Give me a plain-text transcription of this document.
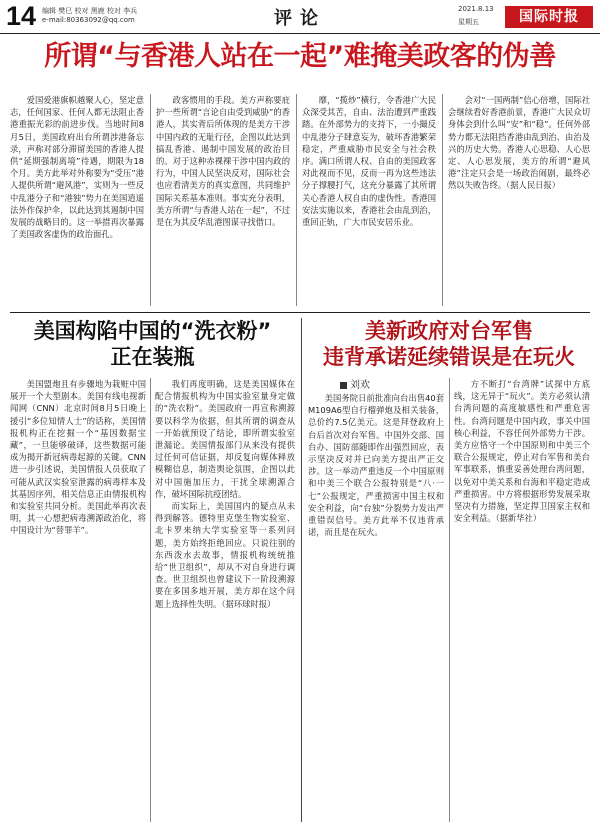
14 编辑 樊巳 校对 黑鹿 校对 李兵
e-mail:80363092@qq.com	评论	2021.8.13
星期五	国际时报
所谓“与香港人站在一起”难掩美政客的伪善

爱国爱港旗帜越聚人心，坚定意志，任何国家、任何人都无法阻止香港重振光彩的前进步伐。当地时间8月5日，美国政府出台所谓涉港备忘录，声称对部分滞留美国的香港人提供“延期强制离境”待遇，期限为18个月。美方此举对外称要为“受压”港人提供所谓“避风港”，实则为一些反中乱港分子和“港独”势力在美国逍遥法外作保护伞，以此达到其遏制中国发展的战略目的。这一举措再次暴露了美国政客虚伪的政治面孔。

政客惯用的手段。美方声称要庇护一些所谓“言论自由受到威胁”的香港人，其实背后所体现的是美方干涉中国内政的无耻行径，企图以此达到搞乱香港、遏制中国发展的政治目的。对于这种赤裸裸干涉中国内政的行为，中国人民坚决反对，国际社会也应看清美方的真实意图，共同维护国际关系基本准则。事实充分表明，美方所谓“与香港人站在一起”，不过是在为其反华乱港图谋寻找借口。

靡，“揽炒”横行，令香港广大民众深受其苦，自由、法治遭到严重践踏。在外部势力的支持下，一小撮反中乱港分子肆意妄为，破坏香港繁荣稳定，严重威胁市民安全与社会秩序。满口所谓人权、自由的美国政客对此视而不见，反而一再为这些违法分子撑腰打气，这充分暴露了其所谓关心香港人权自由的虚伪性。香港国安法实施以来，香港社会由乱到治，重回正轨，广大市民安居乐业。

会对“一国两制”信心倍增，国际社会继续看好香港前景，香港广大民众切身体会到什么叫“安”和“稳”。任何外部势力都无法阻挡香港由乱到治、由治及兴的历史大势。香港人心思稳、人心思定、人心思发展，美方的所谓“避风港”注定只会是一场政治闹剧，最终必然以失败告终。（据人民日报）

美国构陷中国的“洗衣粉”
正在装瓶

美国盟炮且有步骤地为栽赃中国展开一个大型剧本。美国有线电视新闻网（CNN）北京时间8月5日晚上援引“多位知情人士”的话称，美国情报机构正在挖掘一个“基因数据宝藏”，一旦能够破译，这些数据可能成为揭开新冠病毒起源的关键。CNN进一步引述说，美国情报人员获取了可能从武汉实验室泄露的病毒样本及其基因序列，相关信息正由情报机构和实验室共同分析。美国此举再次表明，其一心想把病毒溯源政治化，将中国设计为“替罪羊”。

我们再度明确，这是美国媒体在配合情报机构为中国实验室量身定做的“洗衣粉”。美国政府一再宣称溯源要以科学为依据，但其所谓的调查从一开始就预设了结论，即所谓实验室泄漏论。美国情报部门从来没有提供过任何可信证据，却反复向媒体释放模糊信息，制造舆论氛围，企图以此对中国施加压力，干扰全球溯源合作，破坏国际抗疫团结。

而实际上，美国国内的疑点从未得到解答。德特里克堡生物实验室、北卡罗来纳大学实验室等一系列问题，美方始终拒绝回应。只说往别的东西泼水去故事，情报机构统统推给“世卫组织”，却从不对自身进行调查。世卫组织也曾建议下一阶段溯源要在多国多地开展，美方却在这个问题上选择性失明。（据环球时报）

美新政府对台军售
违背承诺延续错误是在玩火
刘欢

美国务院日前批准向台出售40套M109A6型自行榴弹炮及相关装备，总价约7.5亿美元。这是拜登政府上台后首次对台军售。中国外交部、国台办、国防部随即作出强烈回应，表示坚决反对并已向美方提出严正交涉。这一举动严重违反一个中国原则和中美三个联合公报特别是“八·一七”公报规定，严重损害中国主权和安全利益，向“台独”分裂势力发出严重错误信号。美方此举不仅违背承诺，而且是在玩火。

方不断打“台湾牌”试探中方底线，这无异于“玩火”。美方必须认清台湾问题的高度敏感性和严重危害性。台湾问题是中国内政，事关中国核心利益，不容任何外部势力干涉。美方应恪守一个中国原则和中美三个联合公报规定，停止对台军售和美台军事联系，慎重妥善处理台湾问题，以免对中美关系和台海和平稳定造成严重损害。中方将根据形势发展采取坚决有力措施，坚定捍卫国家主权和安全利益。（据新华社）
